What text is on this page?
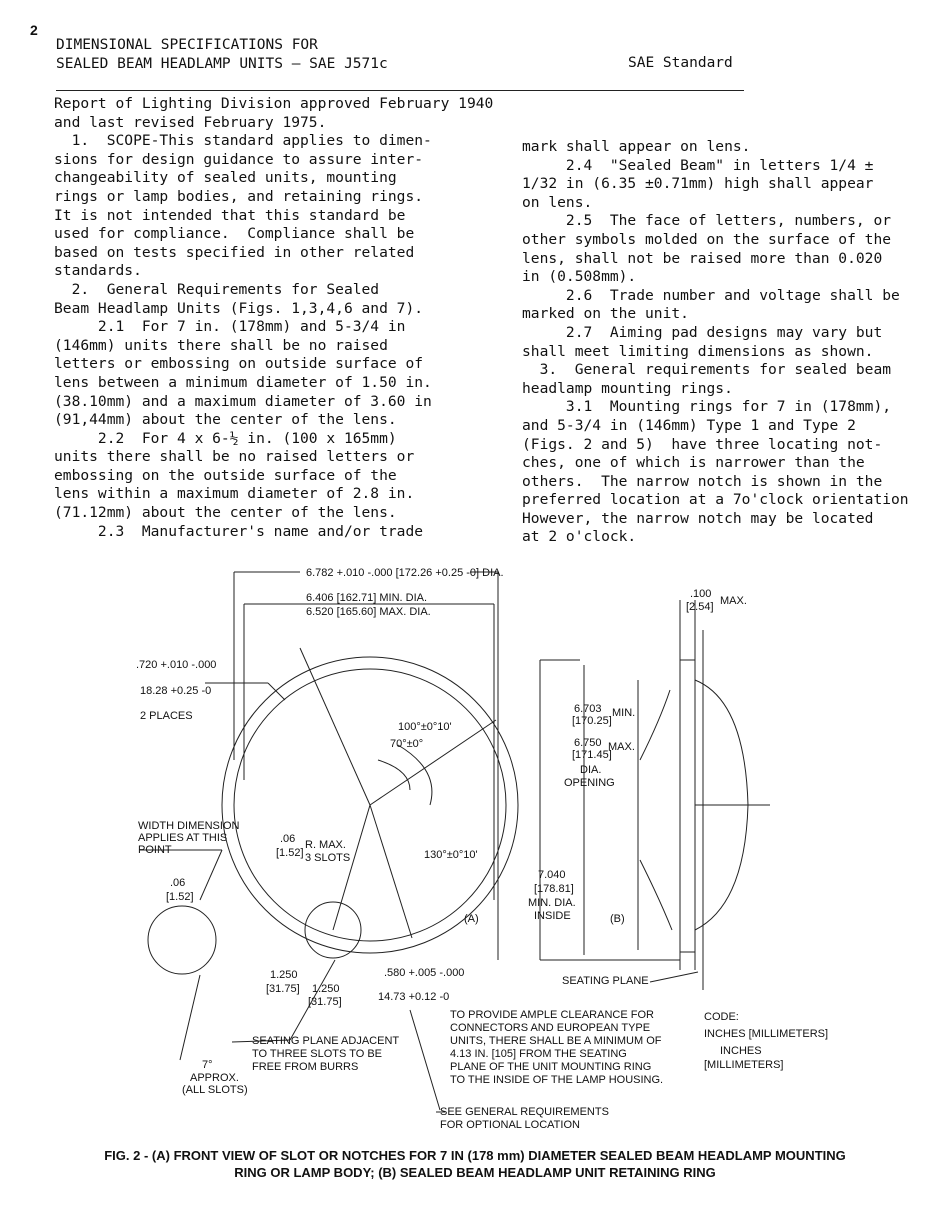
2
DIMENSIONAL SPECIFICATIONS FOR
SEALED BEAM HEADLAMP UNITS — SAE J571c	SAE Standard
Report of Lighting Division approved February 1940
and last revised February 1975.
1.  SCOPE-This standard applies to dimen-
sions for design guidance to assure inter-
changeability of sealed units, mounting
rings or lamp bodies, and retaining rings.
It is not intended that this standard be
used for compliance.  Compliance shall be
based on tests specified in other related
standards.
2.  General Requirements for Sealed
Beam Headlamp Units (Figs. 1,3,4,6 and 7).
2.1  For 7 in. (178mm) and 5-3/4 in
(146mm) units there shall be no raised
letters or embossing on outside surface of
lens between a minimum diameter of 1.50 in.
(38.10mm) and a maximum diameter of 3.60 in
(91,44mm) about the center of the lens.
2.2  For 4 x 6-½ in. (100 x 165mm)
units there shall be no raised letters or
embossing on the outside surface of the
lens within a maximum diameter of 2.8 in.
(71.12mm) about the center of the lens.
2.3  Manufacturer's name and/or trade
mark shall appear on lens.
2.4  "Sealed Beam" in letters 1/4 ±
1/32 in (6.35 ±0.71mm) high shall appear
on lens.
2.5  The face of letters, numbers, or
other symbols molded on the surface of the
lens, shall not be raised more than 0.020
in (0.508mm).
2.6  Trade number and voltage shall be
marked on the unit.
2.7  Aiming pad designs may vary but
shall meet limiting dimensions as shown.
3.  General requirements for sealed beam
headlamp mounting rings.
3.1  Mounting rings for 7 in (178mm),
and 5-3/4 in (146mm) Type 1 and Type 2
(Figs. 2 and 5)  have three locating not-
ches, one of which is narrower than the
others.  The narrow notch is shown in the
preferred location at a 7o'clock orientation
However, the narrow notch may be located
at 2 o'clock.
6.782 +.010 -.000 [172.26 +0.25 -0] DIA.
6.406 [162.71] MIN. DIA.
6.520 [165.60] MAX. DIA.
.720 +.010 -.000
18.28 +0.25 -0
2 PLACES
100°±0°10'
70°±0°
WIDTH DIMENSION
APPLIES AT THIS
POINT
.06
[1.52]
R. MAX.
3 SLOTS	130°±0°10'
.06
[1.52]
(A)
1.250
[31.75] 1.250
[31.75]
.580 +.005 -.000
14.73 +0.12 -0
SEATING PLANE ADJACENT
TO THREE SLOTS TO BE
FREE FROM BURRS
7°
APPROX.
(ALL SLOTS)
.100
[2.54] MAX.
6.703
[170.25]
MIN.
6.750
[171.45]
MAX.
DIA.
OPENING
7.040
[178.81]
MIN. DIA.
INSIDE	(B)
SEATING PLANE
TO PROVIDE AMPLE CLEARANCE FOR
CONNECTORS AND EUROPEAN TYPE
UNITS, THERE SHALL BE A MINIMUM OF
4.13 IN. [105] FROM THE SEATING
PLANE OF THE UNIT MOUNTING RING
TO THE INSIDE OF THE LAMP HOUSING.
CODE:
INCHES [MILLIMETERS]
INCHES
[MILLIMETERS]
SEE GENERAL REQUIREMENTS
FOR OPTIONAL LOCATION
FIG. 2 - (A) FRONT VIEW OF SLOT OR NOTCHES FOR 7 IN (178 mm) DIAMETER SEALED BEAM HEADLAMP MOUNTING
RING OR LAMP BODY; (B) SEALED BEAM HEADLAMP UNIT RETAINING RING
